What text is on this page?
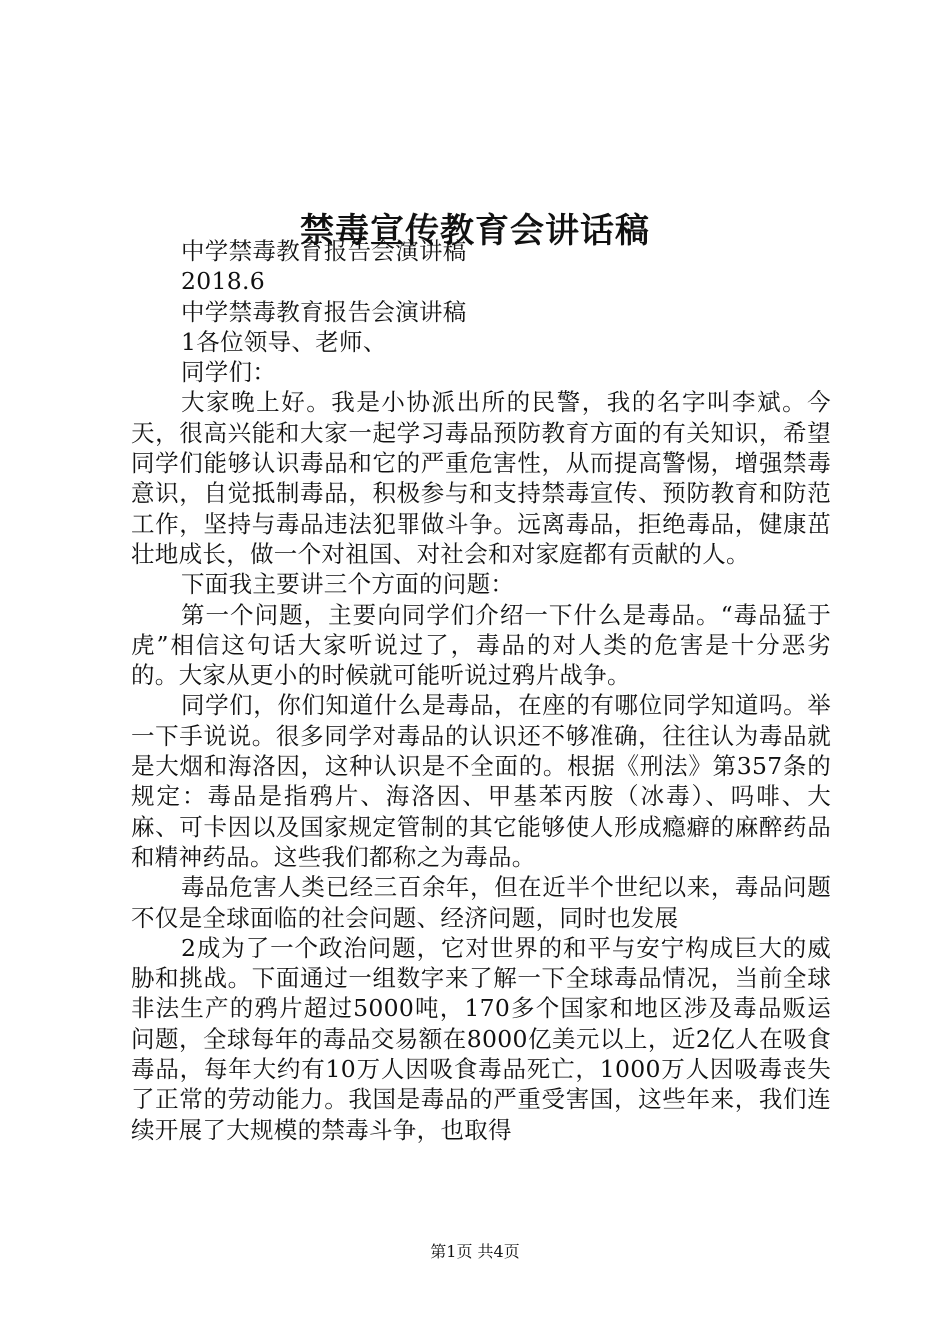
禁毒宣传教育会讲话稿

中学禁毒教育报告会演讲稿

2018.6

中学禁毒教育报告会演讲稿

1各位领导、老师、

同学们：

大家晚上好。我是小协派出所的民警，我的名字叫李斌。今天，很高兴能和大家一起学习毒品预防教育方面的有关知识，希望同学们能够认识毒品和它的严重危害性，从而提高警惕，增强禁毒意识，自觉抵制毒品，积极参与和支持禁毒宣传、预防教育和防范工作，坚持与毒品违法犯罪做斗争。远离毒品，拒绝毒品，健康茁壮地成长，做一个对祖国、对社会和对家庭都有贡献的人。

下面我主要讲三个方面的问题：

第一个问题，主要向同学们介绍一下什么是毒品。“毒品猛于虎”相信这句话大家听说过了，毒品的对人类的危害是十分恶劣的。大家从更小的时候就可能听说过鸦片战争。

同学们，你们知道什么是毒品，在座的有哪位同学知道吗。举一下手说说。很多同学对毒品的认识还不够准确，往往认为毒品就是大烟和海洛因，这种认识是不全面的。根据《刑法》第357条的规定：毒品是指鸦片、海洛因、甲基苯丙胺（冰毒）、吗啡、大麻、可卡因以及国家规定管制的其它能够使人形成瘾癖的麻醉药品和精神药品。这些我们都称之为毒品。

毒品危害人类已经三百余年，但在近半个世纪以来，毒品问题不仅是全球面临的社会问题、经济问题，同时也发展

2成为了一个政治问题，它对世界的和平与安宁构成巨大的威胁和挑战。下面通过一组数字来了解一下全球毒品情况，当前全球非法生产的鸦片超过5000吨，170多个国家和地区涉及毒品贩运问题，全球每年的毒品交易额在8000亿美元以上，近2亿人在吸食毒品，每年大约有10万人因吸食毒品死亡，1000万人因吸毒丧失了正常的劳动能力。我国是毒品的严重受害国，这些年来，我们连续开展了大规模的禁毒斗争，也取得

第1页 共4页
